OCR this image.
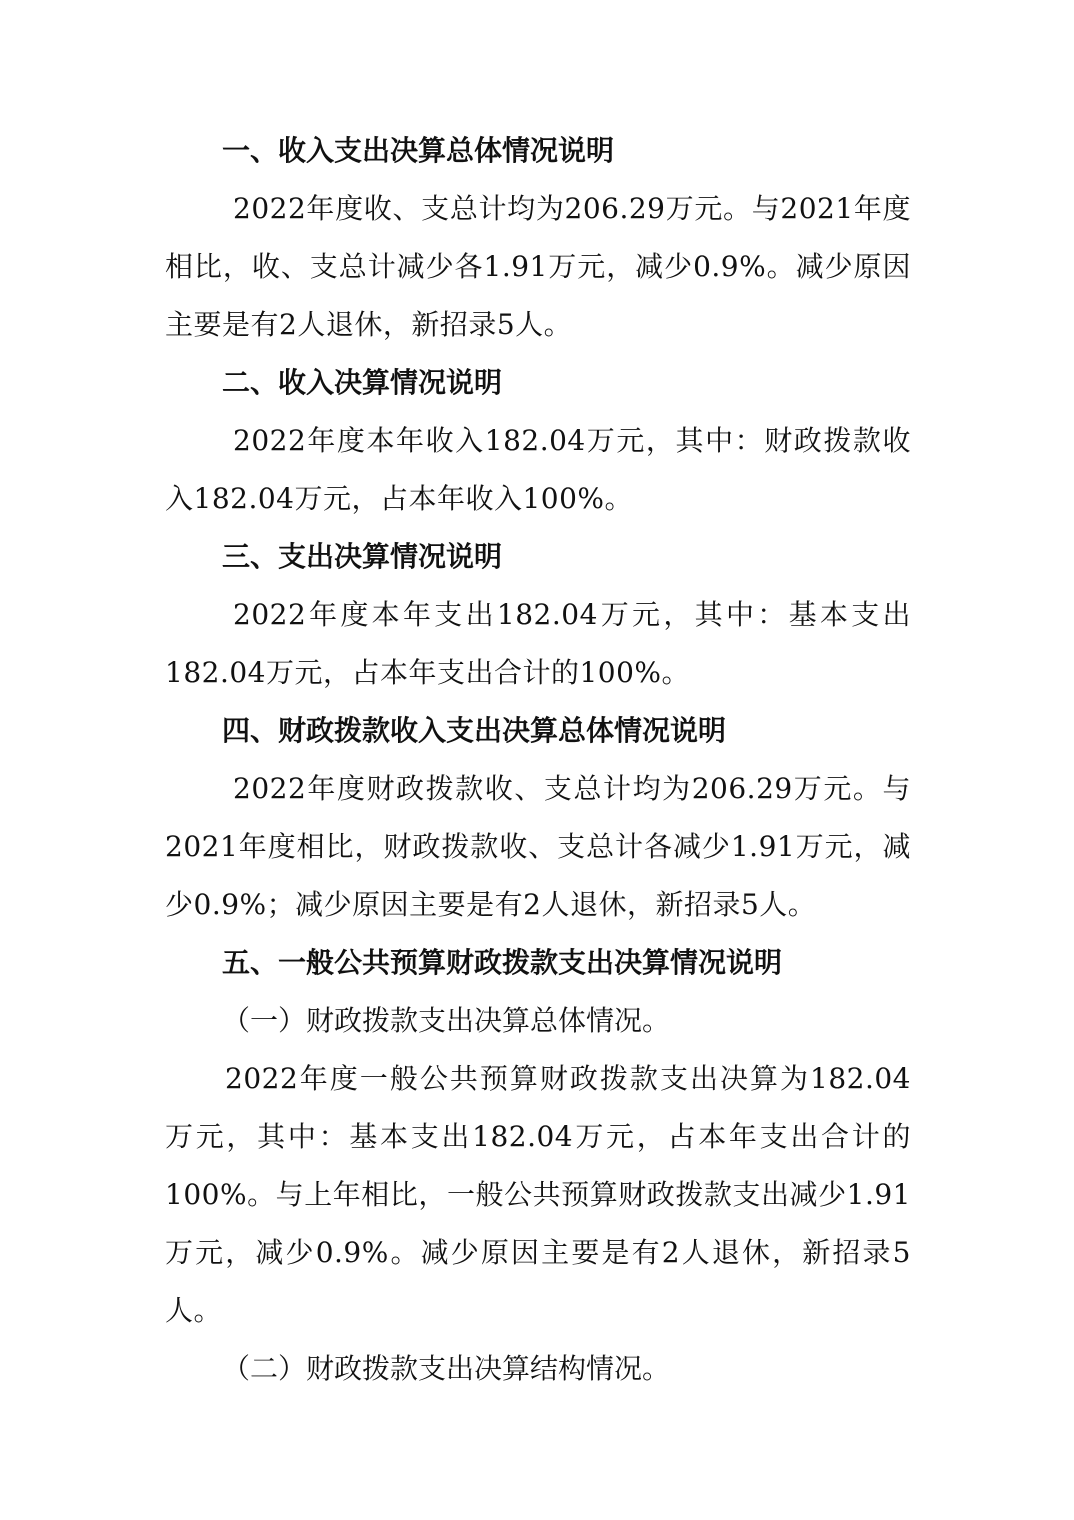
一、收入支出决算总体情况说明

2022年度收、支总计均为206.29万元。与2021年度相比，收、支总计减少各1.91万元，减少0.9%。减少原因主要是有2人退休，新招录5人。

二、收入决算情况说明

2022年度本年收入182.04万元，其中：财政拨款收入182.04万元，占本年收入100%。

三、支出决算情况说明

2022年度本年支出182.04万元，其中：基本支出182.04万元，占本年支出合计的100%。

四、财政拨款收入支出决算总体情况说明

2022年度财政拨款收、支总计均为206.29万元。与2021年度相比，财政拨款收、支总计各减少1.91万元，减少0.9%；减少原因主要是有2人退休，新招录5人。

五、一般公共预算财政拨款支出决算情况说明

（一）财政拨款支出决算总体情况。

2022年度一般公共预算财政拨款支出决算为182.04万元，其中：基本支出182.04万元，占本年支出合计的100%。与上年相比，一般公共预算财政拨款支出减少1.91万元，减少0.9%。减少原因主要是有2人退休，新招录5人。

（二）财政拨款支出决算结构情况。
